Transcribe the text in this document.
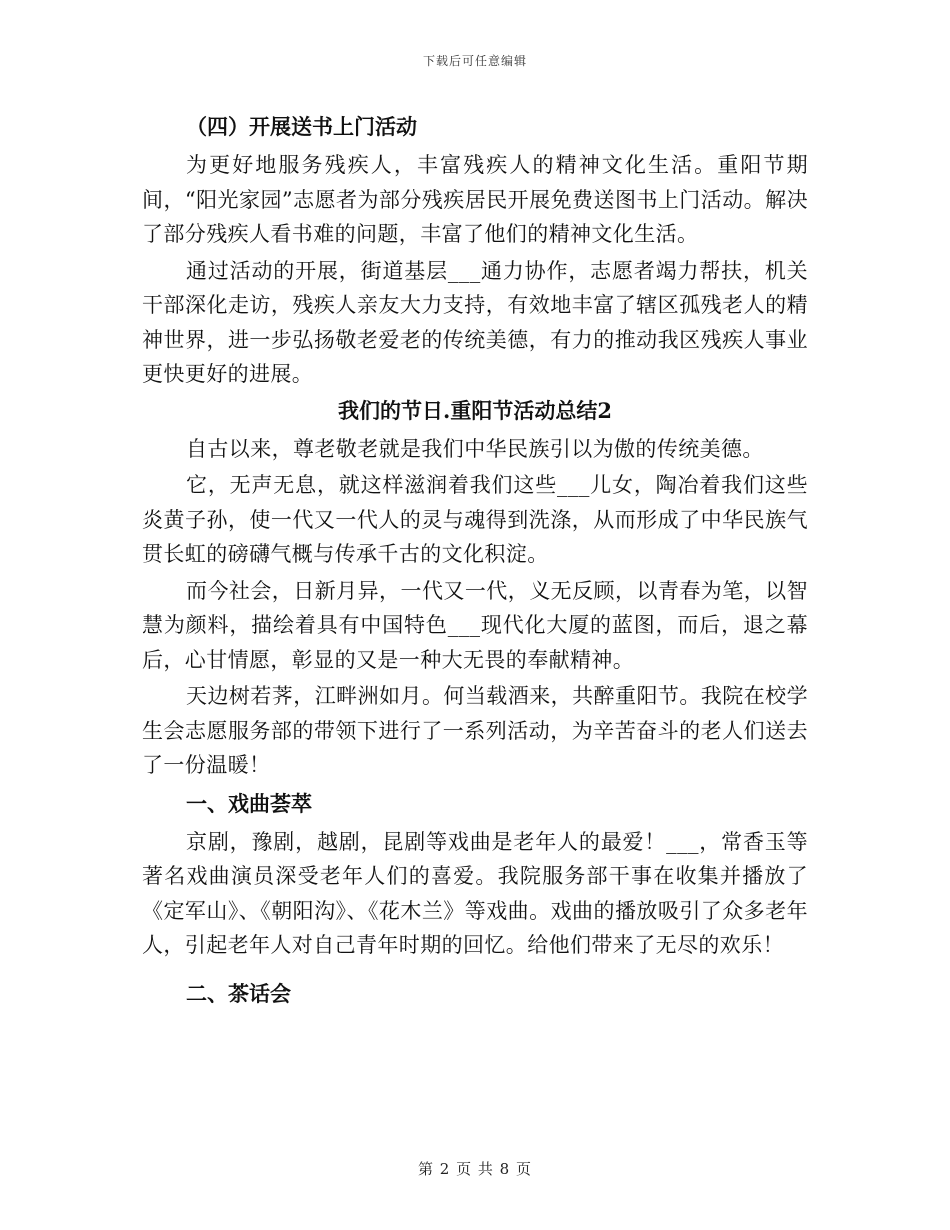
下载后可任意编辑
（四）开展送书上门活动

为更好地服务残疾人，丰富残疾人的精神文化生活。重阳节期间，“阳光家园”志愿者为部分残疾居民开展免费送图书上门活动。解决了部分残疾人看书难的问题，丰富了他们的精神文化生活。

通过活动的开展，街道基层___通力协作，志愿者竭力帮扶，机关干部深化走访，残疾人亲友大力支持，有效地丰富了辖区孤残老人的精神世界，进一步弘扬敬老爱老的传统美德，有力的推动我区残疾人事业更快更好的进展。

我们的节日.重阳节活动总结2

自古以来，尊老敬老就是我们中华民族引以为傲的传统美德。

它，无声无息，就这样滋润着我们这些___儿女，陶冶着我们这些炎黄子孙，使一代又一代人的灵与魂得到洗涤，从而形成了中华民族气贯长虹的磅礴气概与传承千古的文化积淀。

而今社会，日新月异，一代又一代，义无反顾，以青春为笔，以智慧为颜料，描绘着具有中国特色___现代化大厦的蓝图，而后，退之幕后，心甘情愿，彰显的又是一种大无畏的奉献精神。

天边树若荠，江畔洲如月。何当载酒来，共醉重阳节。我院在校学生会志愿服务部的带领下进行了一系列活动，为辛苦奋斗的老人们送去了一份温暖！

一、戏曲荟萃

京剧，豫剧，越剧，昆剧等戏曲是老年人的最爱！___，常香玉等著名戏曲演员深受老年人们的喜爱。我院服务部干事在收集并播放了《定军山》、《朝阳沟》、《花木兰》等戏曲。戏曲的播放吸引了众多老年人，引起老年人对自己青年时期的回忆。给他们带来了无尽的欢乐！

二、茶话会
第 2 页 共 8 页
